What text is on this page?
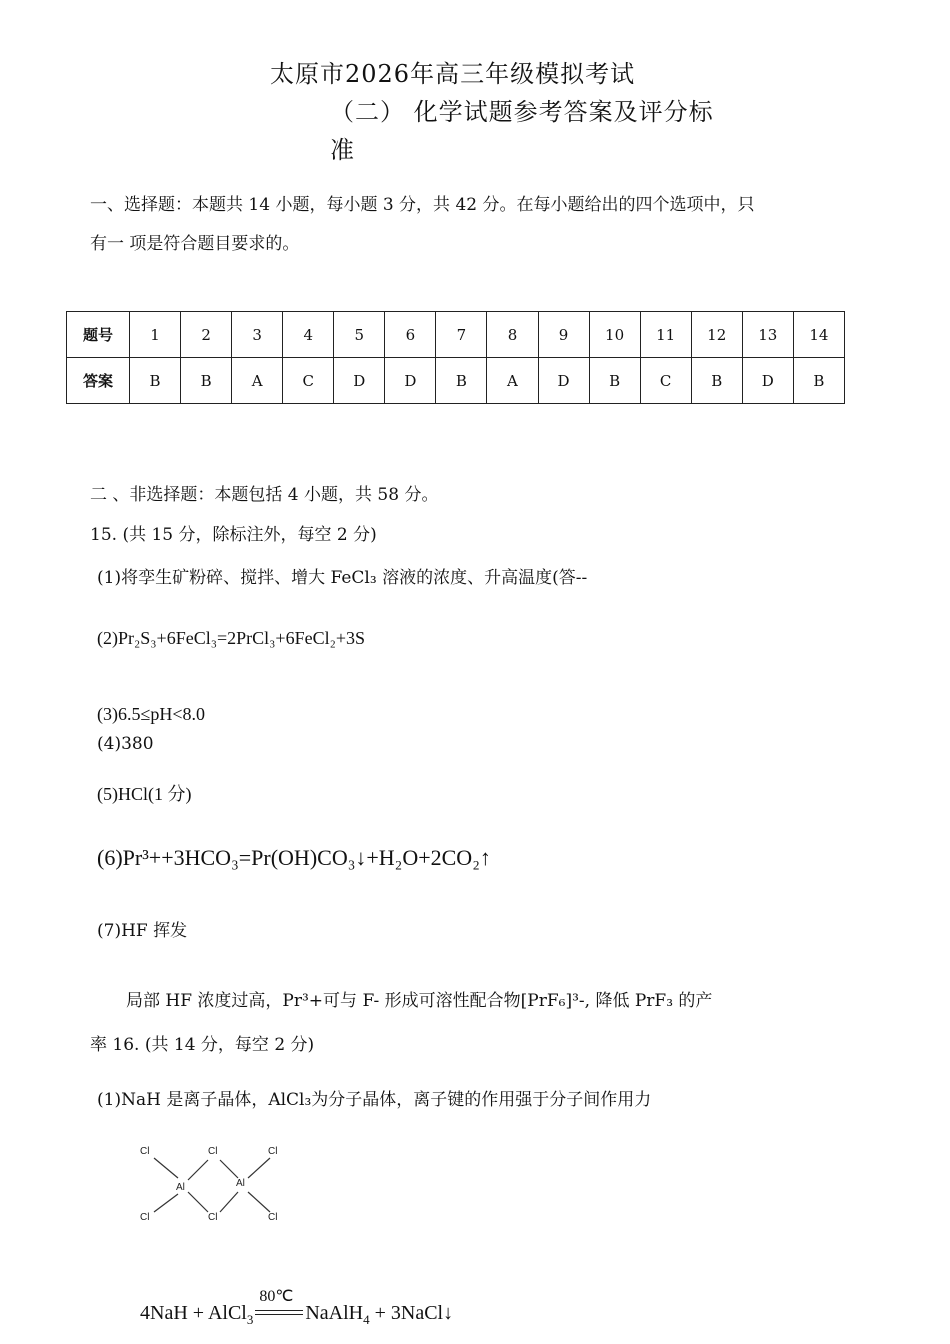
太原市2026年高三年级模拟考试
（二） 化学试题参考答案及评分标
准
一、选择题：本题共 14 小题，每小题 3 分，共 42 分。在每小题给出的四个选项中，只
有一 项是符合题目要求的。
题号	1	2	3	4	5	6	7	8	9	10	11	12	13	14
答案	B	B	A	C	D	D	B	A	D	B	C	B	D	B
二 、非选择题：本题包括 4 小题，共 58 分。
15. (共 15 分，除标注外，每空 2 分)
(1)将孪生矿粉碎、搅拌、增大 FeCl₃ 溶液的浓度、升高温度(答--
(2)Pr₂S₃+6FeCl₃=2PrCl₃+6FeCl₂+3S
(3)6.5≤pH<8.0
(4)380
(5)HCl(1 分)
(6)Pr³++3HCO₃=Pr(OH)CO₃↓+H₂O+2CO₂↑
(7)HF 挥发
局部 HF 浓度过高，Pr³+可与 F- 形成可溶性配合物[PrF₆]³-, 降低 PrF₃ 的产
率 16. (共 14 分，每空 2 分)
(1)NaH 是离子晶体，AlCl₃为分子晶体，离子键的作用强于分子间作用力
Cl	Cl	Cl
Al	Al
Cl	Cl	Cl
4NaH + AlCl$_3$
80℃
NaAlH$_4$ + 3NaCl↓
